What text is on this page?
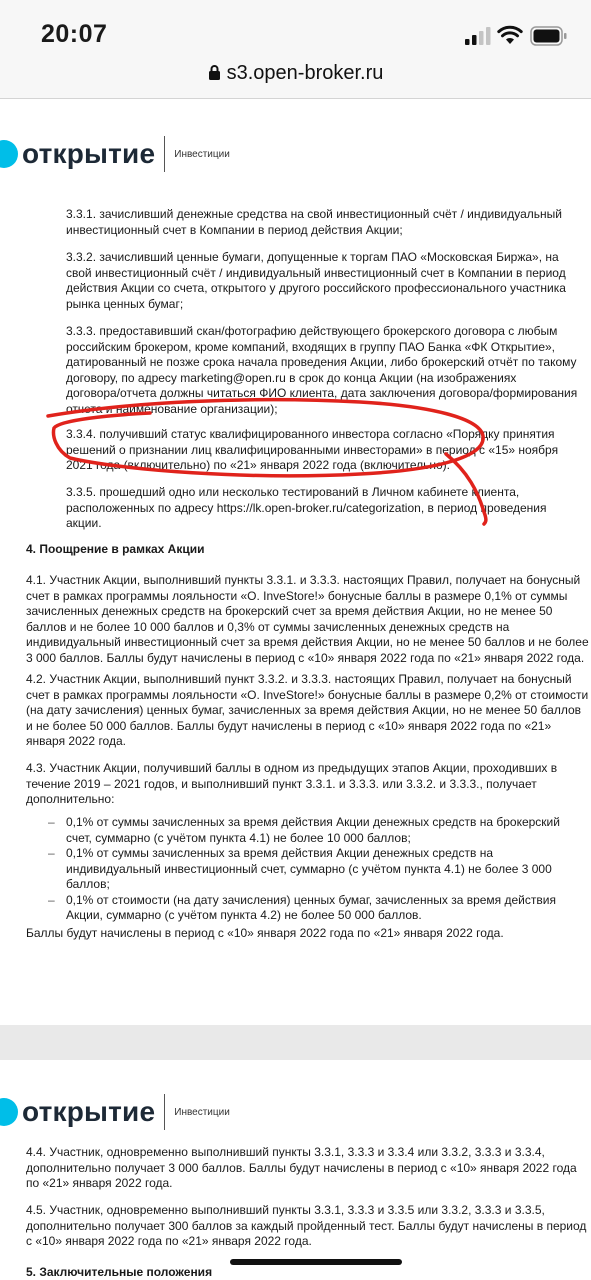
20:07
s3.open-broker.ru
открытие Инвестиции

3.3.1. зачисливший денежные средства на свой инвестиционный счёт / индивидуальный

инвестиционный счет в Компании в период действия Акции;

3.3.2. зачисливший ценные бумаги, допущенные к торгам ПАО «Московская Биржа», на

свой инвестиционный счёт / индивидуальный инвестиционный счет в Компании в период

действия Акции со счета, открытого у другого российского профессионального участника

рынка ценных бумаг;

3.3.3. предоставивший скан/фотографию действующего брокерского договора с любым

российским брокером, кроме компаний, входящих в группу ПАО Банка «ФК Открытие»,

датированный не позже срока начала проведения Акции, либо брокерский отчёт по такому

договору, по адресу marketing@open.ru в срок до конца Акции (на изображениях

договора/отчета должны читаться ФИО клиента, дата заключения договора/формирования

отчета и наименование организации);

3.3.4. получивший статус квалифицированного инвестора согласно «Порядку принятия

решений о признании лиц квалифицированными инвесторами» в период с «15» ноября

2021 года (включительно) по «21» января 2022 года (включительно).

3.3.5. прошедший одно или несколько тестирований в Личном кабинете клиента,

расположенных по адресу https://lk.open-broker.ru/categorization, в период проведения

акции.

4. Поощрение в рамках Акции

4.1. Участник Акции, выполнивший пункты 3.3.1. и 3.3.3. настоящих Правил, получает на бонусный

счет в рамках программы лояльности «О. InveStore!» бонусные баллы в размере 0,1% от суммы

зачисленных денежных средств на брокерский счет за время действия Акции, но не менее 50

баллов и не более 10 000 баллов и 0,3% от суммы зачисленных денежных средств на

индивидуальный инвестиционный счет за время действия Акции, но не менее 50 баллов и не более

3 000 баллов. Баллы будут начислены в период с «10» января 2022 года по «21» января 2022 года.

4.2. Участник Акции, выполнивший пункт 3.3.2. и 3.3.3. настоящих Правил, получает на бонусный

счет в рамках программы лояльности «О. InveStore!» бонусные баллы в размере 0,2% от стоимости

(на дату зачисления) ценных бумаг, зачисленных за время действия Акции, но не менее 50 баллов

и не более 50 000 баллов. Баллы будут начислены в период с «10» января 2022 года по «21»

января 2022 года.

4.3. Участник Акции, получивший баллы в одном из предыдущих этапов Акции, проходивших в

течение 2019 – 2021 годов, и выполнивший пункт 3.3.1. и 3.3.3. или 3.3.2. и 3.3.3., получает

дополнительно:

– 0,1% от суммы зачисленных за время действия Акции денежных средств на брокерский
счет, суммарно (с учётом пункта 4.1) не более 10 000 баллов;
– 0,1% от суммы зачисленных за время действия Акции денежных средств на
индивидуальный инвестиционный счет, суммарно (с учётом пункта 4.1) не более 3 000
баллов;
– 0,1% от стоимости (на дату зачисления) ценных бумаг, зачисленных за время действия
Акции, суммарно (с учётом пункта 4.2) не более 50 000 баллов.

Баллы будут начислены в период с «10» января 2022 года по «21» января 2022 года.

открытие Инвестиции

4.4. Участник, одновременно выполнивший пункты 3.3.1, 3.3.3 и 3.3.4 или 3.3.2, 3.3.3 и 3.3.4,

дополнительно получает 3 000 баллов. Баллы будут начислены в период с «10» января 2022 года

по «21» января 2022 года.

4.5. Участник, одновременно выполнивший пункты 3.3.1, 3.3.3 и 3.3.5 или 3.3.2, 3.3.3 и 3.3.5,

дополнительно получает 300 баллов за каждый пройденный тест. Баллы будут начислены в период

с «10» января 2022 года по «21» января 2022 года.

5. Заключительные положения
